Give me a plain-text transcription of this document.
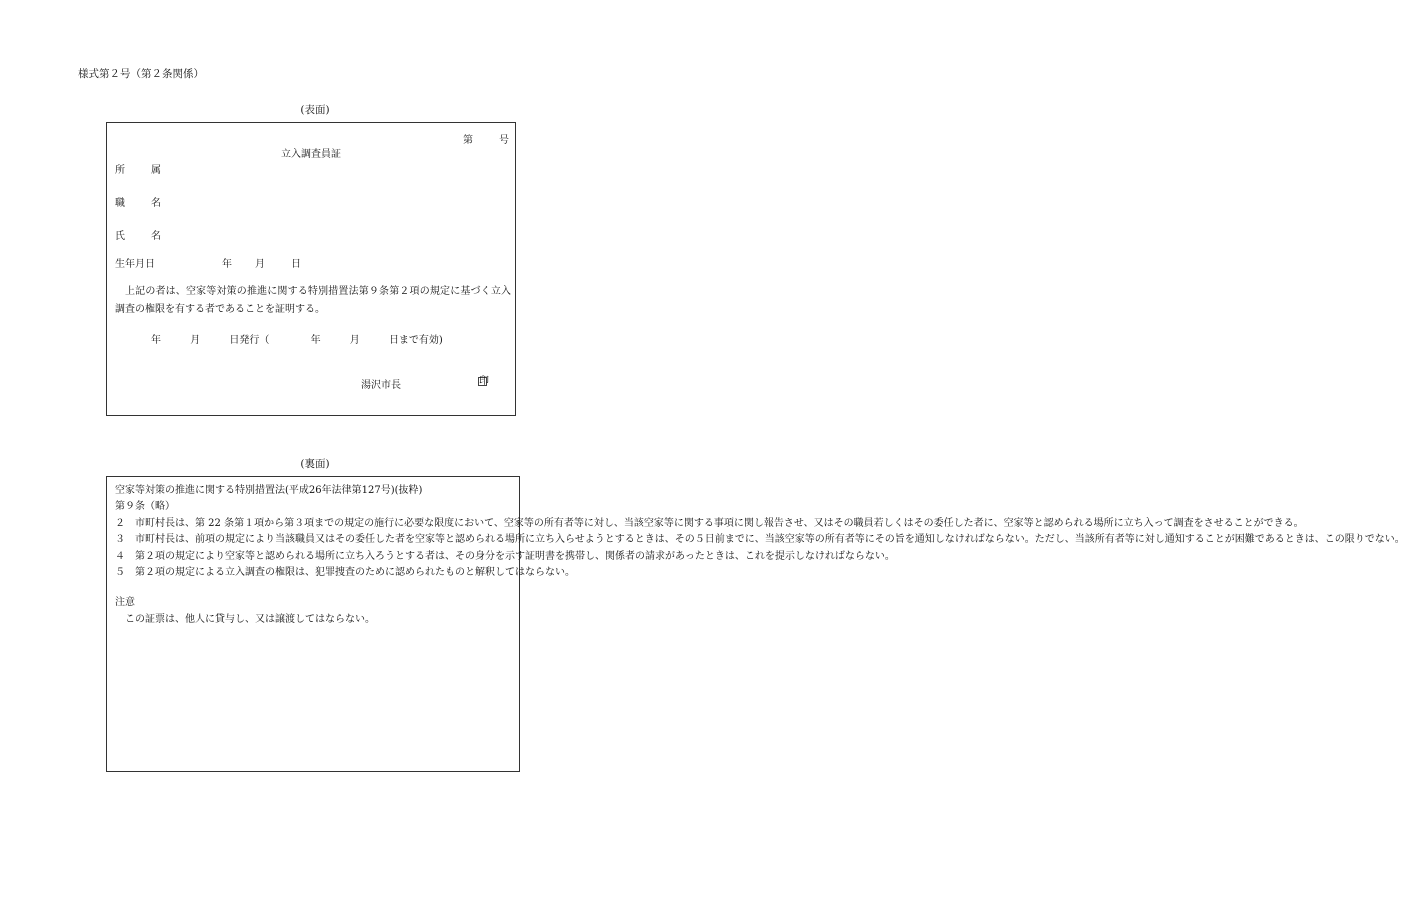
様式第２号（第２条関係）
(表面)
第	号
立入調査員証
所	属
職	名
氏	名
生年月日	年 月	日
上記の者は、空家等対策の推進に関する特別措置法第９条第２項の規定に基づく立入調査の権限を有する者であることを証明する。
年	月	日発行（	年	月	日まで有効)
湯沢市長	印
(裏面)

空家等対策の推進に関する特別措置法(平成26年法律第127号)(抜粋)

第９条（略）

２　市町村長は、第 22 条第１項から第３項までの規定の施行に必要な限度において、空家等の所有者等に対し、当該空家等に関する事項に関し報告させ、又はその職員若しくはその委任した者に、空家等と認められる場所に立ち入って調査をさせることができる。

３　市町村長は、前項の規定により当該職員又はその委任した者を空家等と認められる場所に立ち入らせようとするときは、その５日前までに、当該空家等の所有者等にその旨を通知しなければならない。ただし、当該所有者等に対し通知することが困難であるときは、この限りでない。

４　第２項の規定により空家等と認められる場所に立ち入ろうとする者は、その身分を示す証明書を携帯し、関係者の請求があったときは、これを提示しなければならない。

５　第２項の規定による立入調査の権限は、犯罪捜査のために認められたものと解釈してはならない。

注意

この証票は、他人に貸与し、又は譲渡してはならない。
